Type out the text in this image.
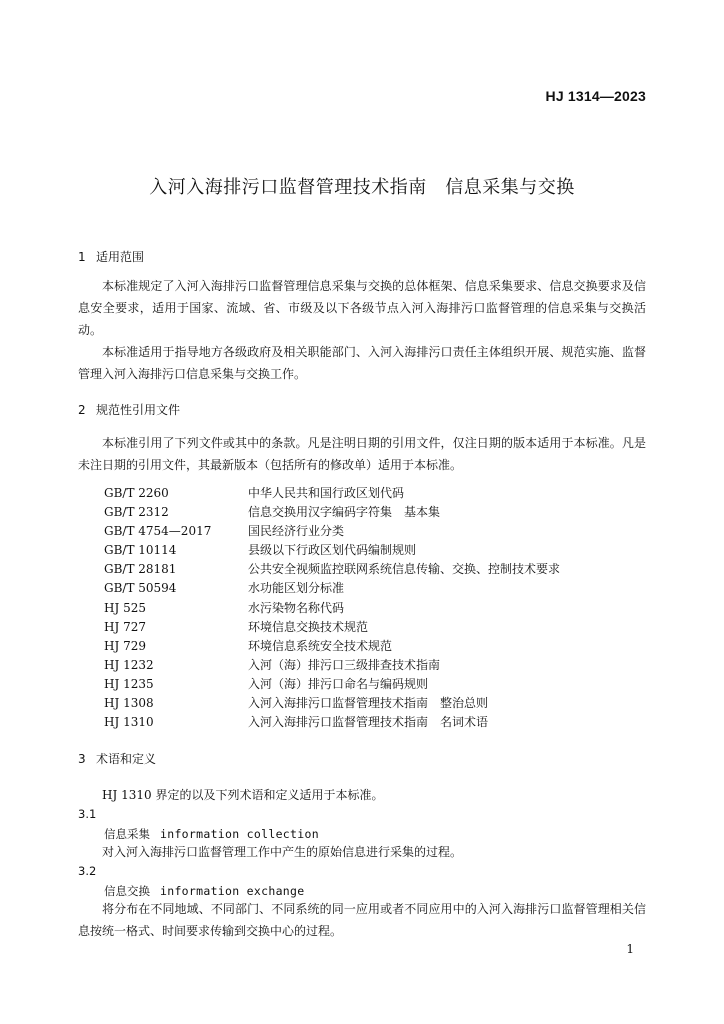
HJ 1314—2023
入河入海排污口监督管理技术指南　信息采集与交换
1 适用范围
本标准规定了入河入海排污口监督管理信息采集与交换的总体框架、信息采集要求、信息交换要求及信息安全要求，适用于国家、流域、省、市级及以下各级节点入河入海排污口监督管理的信息采集与交换活动。
本标准适用于指导地方各级政府及相关职能部门、入河入海排污口责任主体组织开展、规范实施、监督管理入河入海排污口信息采集与交换工作。
2 规范性引用文件
本标准引用了下列文件或其中的条款。凡是注明日期的引用文件，仅注日期的版本适用于本标准。凡是未注日期的引用文件，其最新版本（包括所有的修改单）适用于本标准。
GB/T 2260	中华人民共和国行政区划代码
GB/T 2312	信息交换用汉字编码字符集　基本集
GB/T 4754—2017	国民经济行业分类
GB/T 10114	县级以下行政区划代码编制规则
GB/T 28181	公共安全视频监控联网系统信息传输、交换、控制技术要求
GB/T 50594	水功能区划分标准
HJ 525	水污染物名称代码
HJ 727	环境信息交换技术规范
HJ 729	环境信息系统安全技术规范
HJ 1232	入河（海）排污口三级排查技术指南
HJ 1235	入河（海）排污口命名与编码规则
HJ 1308	入河入海排污口监督管理技术指南　整治总则
HJ 1310	入河入海排污口监督管理技术指南　名词术语
3 术语和定义
HJ 1310 界定的以及下列术语和定义适用于本标准。
3.1
信息采集 information collection
对入河入海排污口监督管理工作中产生的原始信息进行采集的过程。
3.2
信息交换 information exchange
将分布在不同地域、不同部门、不同系统的同一应用或者不同应用中的入河入海排污口监督管理相关信息按统一格式、时间要求传输到交换中心的过程。
1
